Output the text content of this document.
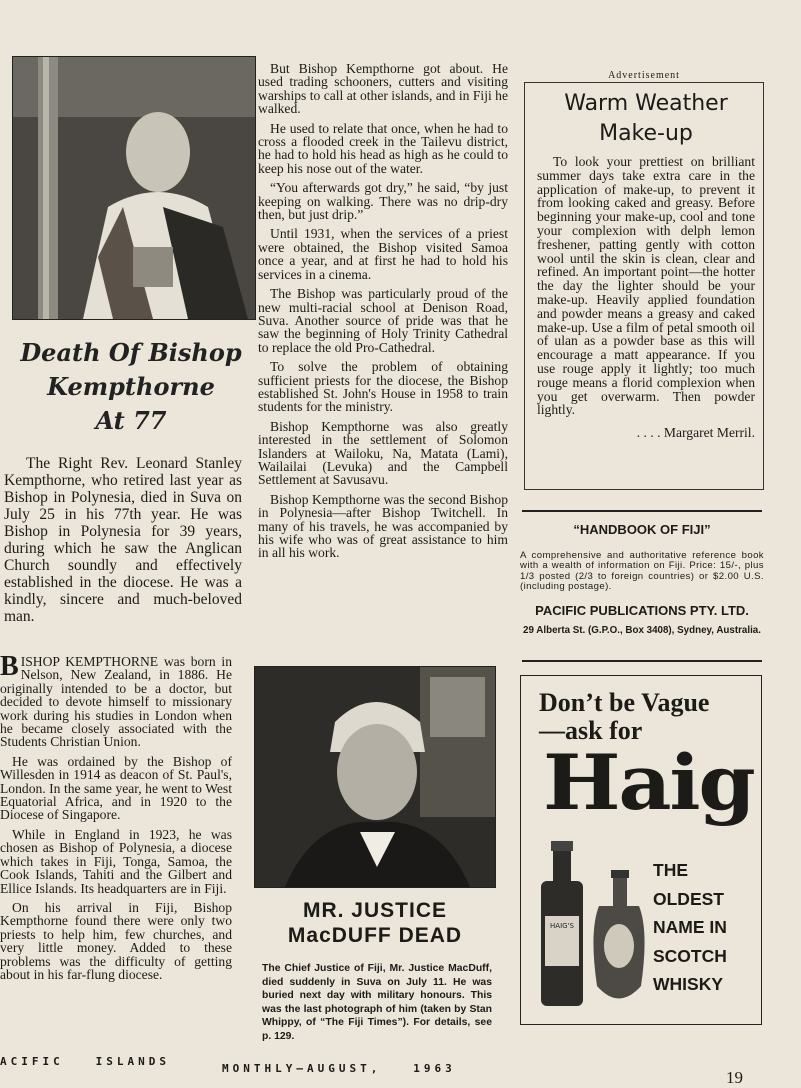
Death Of Bishop
Kempthorne
At 77

The Right Rev. Leonard Stanley Kempthorne, who retired last year as Bishop in Polynesia, died in Suva on July 25 in his 77th year. He was Bishop in Polynesia for 39 years, during which he saw the Anglican Church soundly and effectively established in the diocese. He was a kindly, sincere and much-beloved man.

BISHOP KEMPTHORNE was born in Nelson, New Zealand, in 1886. He originally intended to be a doctor, but decided to devote himself to missionary work during his studies in London when he became closely associated with the Students Christian Union.

He was ordained by the Bishop of Willesden in 1914 as deacon of St. Paul's, London. In the same year, he went to West Equatorial Africa, and in 1920 to the Diocese of Singapore.

While in England in 1923, he was chosen as Bishop of Polynesia, a diocese which takes in Fiji, Tonga, Samoa, the Cook Islands, Tahiti and the Gilbert and Ellice Islands. Its headquarters are in Fiji.

On his arrival in Fiji, Bishop Kempthorne found there were only two priests to help him, few churches, and very little money. Added to these problems was the difficulty of getting about in his far-flung diocese.

But Bishop Kempthorne got about. He used trading schooners, cutters and visiting warships to call at other islands, and in Fiji he walked.

He used to relate that once, when he had to cross a flooded creek in the Tailevu district, he had to hold his head as high as he could to keep his nose out of the water.

“You afterwards got dry,” he said, “by just keeping on walking. There was no drip-dry then, but just drip.”

Until 1931, when the services of a priest were obtained, the Bishop visited Samoa once a year, and at first he had to hold his services in a cinema.

The Bishop was particularly proud of the new multi-racial school at Denison Road, Suva. Another source of pride was that he saw the beginning of Holy Trinity Cathedral to replace the old Pro-Cathedral.

To solve the problem of obtaining sufficient priests for the diocese, the Bishop established St. John's House in 1958 to train students for the ministry.

Bishop Kempthorne was also greatly interested in the settlement of Solomon Islanders at Wailoku, Na, Matata (Lami), Wailailai (Levuka) and the Campbell Settlement at Savusavu.

Bishop Kempthorne was the second Bishop in Polynesia—after Bishop Twitchell. In many of his travels, he was accompanied by his wife who was of great assistance to him in all his work.

MR. JUSTICE
MacDUFF DEAD
The Chief Justice of Fiji, Mr. Justice MacDuff, died suddenly in Suva on July 11. He was buried next day with military honours. This was the last photograph of him (taken by Stan Whippy, of “The Fiji Times”). For details, see p. 129.
Advertisement
Warm Weather
Make-up

To look your prettiest on brilliant summer days take extra care in the application of make-up, to prevent it from looking caked and greasy. Before beginning your make-up, cool and tone your complexion with delph lemon freshener, patting gently with cotton wool until the skin is clean, clear and refined. An important point—the hotter the day the lighter should be your make-up. Heavily applied foundation and powder means a greasy and caked make-up. Use a film of petal smooth oil of ulan as a powder base as this will encourage a matt appearance. If you use rouge apply it lightly; too much rouge means a florid complexion when you get overwarm. Then powder lightly.

. . . . Margaret Merril.
“HANDBOOK OF FIJI”
A comprehensive and authoritative reference book with a wealth of information on Fiji. Price: 15/-, plus 1/3 posted (2/3 to foreign countries) or $2.00 U.S. (including postage).
PACIFIC PUBLICATIONS PTY. LTD.
29 Alberta St. (G.P.O., Box 3408), Sydney, Australia.
Don’t be Vague
—ask for
Haig
HAIG'S
THE
OLDEST
NAME IN
SCOTCH
WHISKY
ACIFIC   ISLANDS
MONTHLY—AUGUST,   1963	19
